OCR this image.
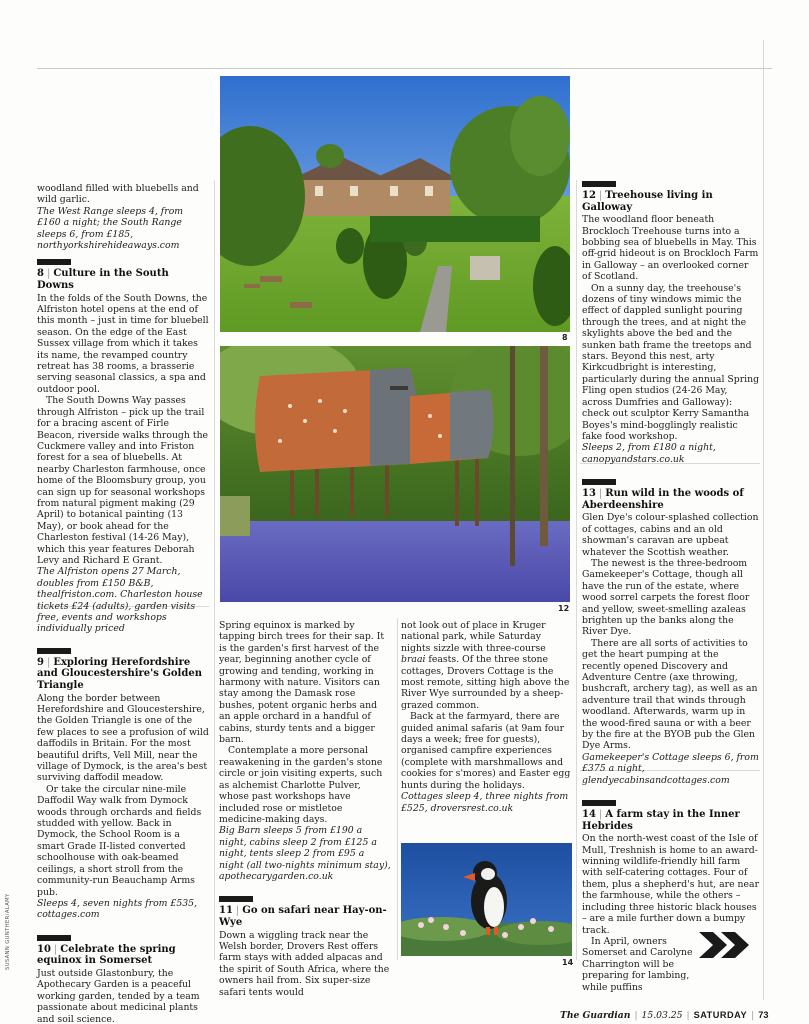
woodland filled with bluebells and wild garlic.

The West Range sleeps 4, from £160 a night; the South Range sleeps 6, from £185, northyorkshirehideaways.com

8 | Culture in the South Downs

In the folds of the South Downs, the Alfriston hotel opens at the end of this month – just in time for bluebell season. On the edge of the East Sussex village from which it takes its name, the revamped country retreat has 38 rooms, a brasserie serving seasonal classics, a spa and outdoor pool.

The South Downs Way passes through Alfriston – pick up the trail for a bracing ascent of Firle Beacon, riverside walks through the Cuckmere valley and into Friston forest for a sea of bluebells. At nearby Charleston farmhouse, once home of the Bloomsbury group, you can sign up for seasonal workshops from natural pigment making (29 April) to botanical painting (13 May), or book ahead for the Charleston festival (14-26 May), which this year features Deborah Levy and Richard E Grant.

The Alfriston opens 27 March, doubles from £150 B&B, thealfriston.com. Charleston house tickets £24 (adults), garden visits free, events and workshops individually priced

9 | Exploring Herefordshire and Gloucestershire's Golden Triangle

Along the border between Herefordshire and Gloucestershire, the Golden Triangle is one of the few places to see a profusion of wild daffodils in Britain. For the most beautiful drifts, Vell Mill, near the village of Dymock, is the area's best surviving daffodil meadow.

Or take the circular nine-mile Daffodil Way walk from Dymock woods through orchards and fields studded with yellow. Back in Dymock, the School Room is a smart Grade II-listed converted schoolhouse with oak-beamed ceilings, a short stroll from the community-run Beauchamp Arms pub.

Sleeps 4, seven nights from £535, cottages.com

10 | Celebrate the spring equinox in Somerset

Just outside Glastonbury, the Apothecary Garden is a peaceful working garden, tended by a team passionate about medicinal plants and soil science.

Spring equinox is marked by tapping birch trees for their sap. It is the garden's first harvest of the year, beginning another cycle of growing and tending, working in harmony with nature. Visitors can stay among the Damask rose bushes, potent organic herbs and an apple orchard in a handful of cabins, sturdy tents and a bigger barn.

Contemplate a more personal reawakening in the garden's stone circle or join visiting experts, such as alchemist Charlotte Pulver, whose past workshops have included rose or mistletoe medicine-making days.

Big Barn sleeps 5 from £190 a night, cabins sleep 2 from £125 a night, tents sleep 2 from £95 a night (all two-nights minimum stay), apothecarygarden.co.uk

11 | Go on safari near Hay-on-Wye

Down a wiggling track near the Welsh border, Drovers Rest offers farm stays with added alpacas and the spirit of South Africa, where the owners hail from. Six super-size safari tents would

not look out of place in Kruger national park, while Saturday nights sizzle with three-course braai feasts. Of the three stone cottages, Drovers Cottage is the most remote, sitting high above the River Wye surrounded by a sheep-grazed common.

Back at the farmyard, there are guided animal safaris (at 9am four days a week; free for guests), organised campfire experiences (complete with marshmallows and cookies for s'mores) and Easter egg hunts during the holidays.

Cottages sleep 4, three nights from £525, droversrest.co.uk

12 | Treehouse living in Galloway

The woodland floor beneath Brockloch Treehouse turns into a bobbing sea of bluebells in May. This off-grid hideout is on Brockloch Farm in Galloway – an overlooked corner of Scotland.

On a sunny day, the treehouse's dozens of tiny windows mimic the effect of dappled sunlight pouring through the trees, and at night the skylights above the bed and the sunken bath frame the treetops and stars. Beyond this nest, arty Kirkcudbright is interesting, particularly during the annual Spring Fling open studios (24-26 May, across Dumfries and Galloway): check out sculptor Kerry Samantha Boyes's mind-bogglingly realistic fake food workshop.

Sleeps 2, from £180 a night, canopyandstars.co.uk

13 | Run wild in the woods of Aberdeenshire

Glen Dye's colour-splashed collection of cottages, cabins and an old showman's caravan are upbeat whatever the Scottish weather.

The newest is the three-bedroom Gamekeeper's Cottage, though all have the run of the estate, where wood sorrel carpets the forest floor and yellow, sweet-smelling azaleas brighten up the banks along the River Dye.

There are all sorts of activities to get the heart pumping at the recently opened Discovery and Adventure Centre (axe throwing, bushcraft, archery tag), as well as an adventure trail that winds through woodland. Afterwards, warm up in the wood-fired sauna or with a beer by the fire at the BYOB pub the Glen Dye Arms.

Gamekeeper's Cottage sleeps 6, from £375 a night, glendyecabinsandcottages.com

14 | A farm stay in the Inner Hebrides

On the north-west coast of the Isle of Mull, Treshnish is home to an award-winning wildlife-friendly hill farm with self-catering cottages. Four of them, plus a shepherd's hut, are near the farmhouse, while the others – including three historic black houses – are a mile further down a bumpy track.

In April, owners Somerset and Carolyne Charrington will be preparing for lambing, while puffins

8
12
14
SUSANN GUNTHER/ALAMY
The Guardian | 15.03.25 | SATURDAY | 73
